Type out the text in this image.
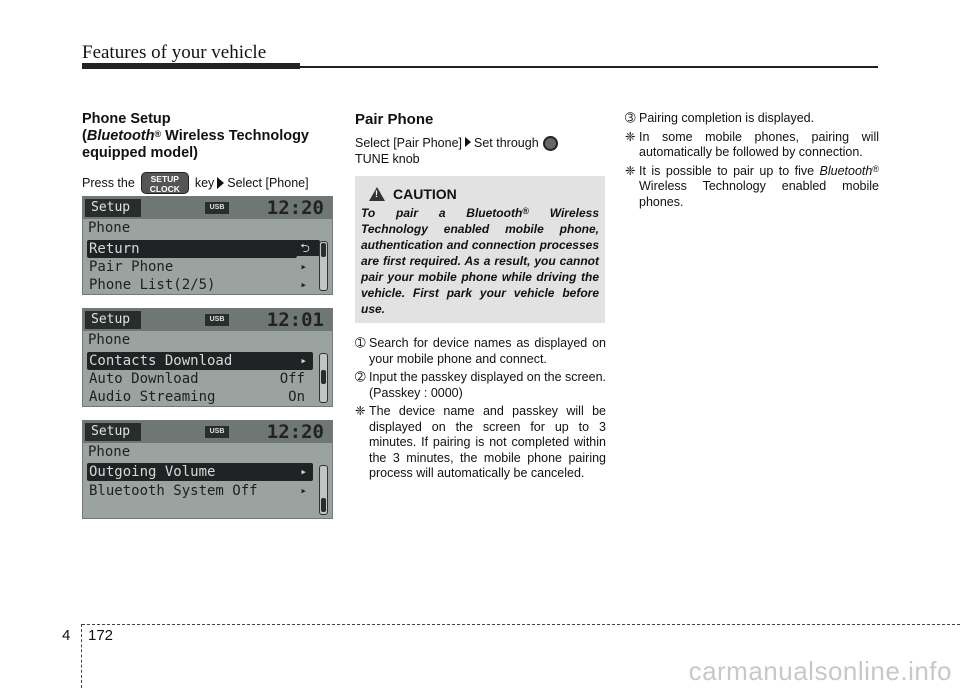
Features of your vehicle
Phone Setup
(Bluetooth® Wireless Technology
equipped model)
Press the	SETUP
CLOCK	key Select [Phone]
Setup	USB 12:20
Phone
Return	⮌
Pair Phone	▸
Phone List(2/5)	▸
Setup	USB 12:01
Phone
Contacts Download	▸
Auto Download	Off
Audio Streaming	On
Setup	USB 12:20
Phone
Outgoing Volume	▸
Bluetooth System Off	▸
Pair Phone
Select [Pair Phone] Set through
TUNE knob
!
CAUTION
To pair a Bluetooth® Wireless Technology enabled mobile phone, authentication and connection processes are first required. As a result, you cannot pair your mobile phone while driving the vehicle. First park your vehicle before use.
➀ Search for device names as displayed on your mobile phone and connect.
➁ Input the passkey displayed on the screen. (Passkey : 0000)
❈ The device name and passkey will be displayed on the screen for up to 3 minutes. If pairing is not completed within the 3 minutes, the mobile phone pairing process will automatically be canceled.
➂ Pairing completion is displayed.
❈ In some mobile phones, pairing will automatically be followed by connection.
❈ It is possible to pair up to five Bluetooth® Wireless Technology enabled mobile phones.
4 172
carmanualsonline.info
